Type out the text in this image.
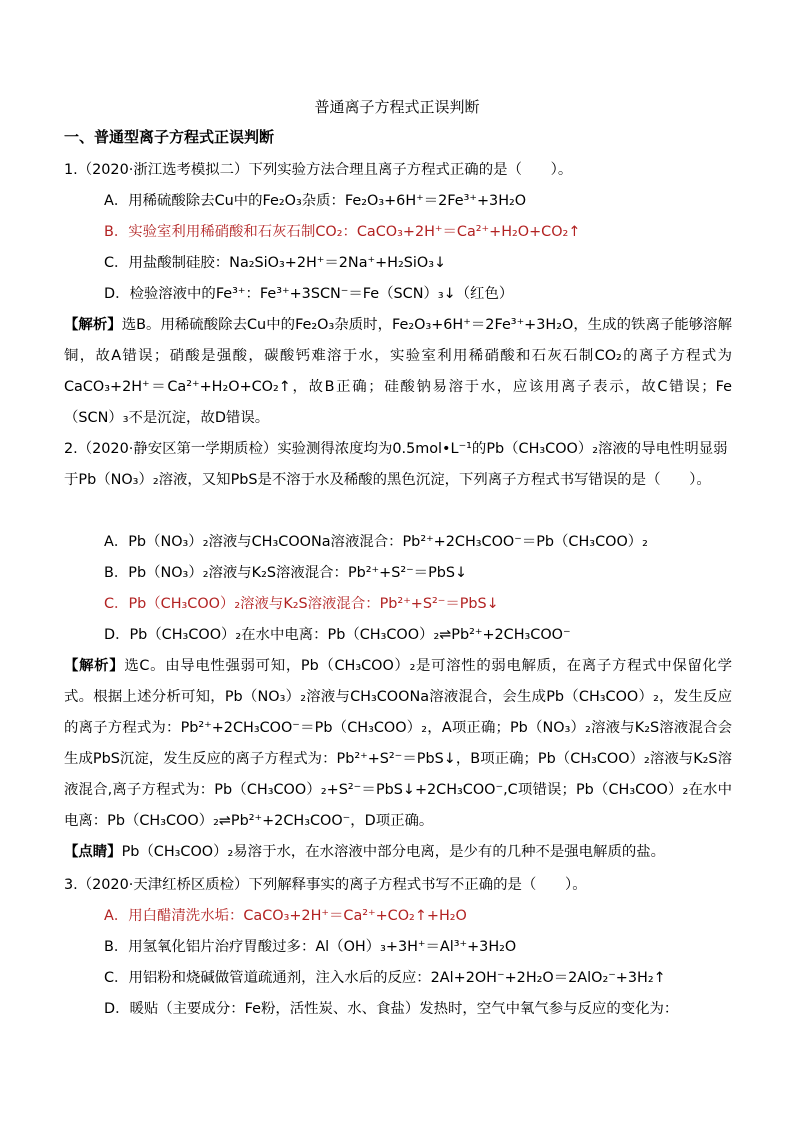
普通离子方程式正误判断
一、普通型离子方程式正误判断
1.（2020·浙江选考模拟二）下列实验方法合理且离子方程式正确的是（　　）。
A．用稀硫酸除去Cu中的Fe₂O₃杂质：Fe₂O₃+6H⁺＝2Fe³⁺+3H₂O
B．实验室利用稀硝酸和石灰石制CO₂：CaCO₃+2H⁺＝Ca²⁺+H₂O+CO₂↑
C．用盐酸制硅胶：Na₂SiO₃+2H⁺＝2Na⁺+H₂SiO₃↓
D．检验溶液中的Fe³⁺：Fe³⁺+3SCN⁻＝Fe（SCN）₃↓（红色）
【解析】选B。用稀硫酸除去Cu中的Fe₂O₃杂质时，Fe₂O₃+6H⁺＝2Fe³⁺+3H₂O，生成的铁离子能够溶解铜，故A错误；硝酸是强酸，碳酸钙难溶于水，实验室利用稀硝酸和石灰石制CO₂的离子方程式为CaCO₃+2H⁺＝Ca²⁺+H₂O+CO₂↑，故B正确；硅酸钠易溶于水，应该用离子表示，故C错误；Fe（SCN）₃不是沉淀，故D错误。
2.（2020·静安区第一学期质检）实验测得浓度均为0.5mol•L⁻¹的Pb（CH₃COO）₂溶液的导电性明显弱于Pb（NO₃）₂溶液，又知PbS是不溶于水及稀酸的黑色沉淀，下列离子方程式书写错误的是（　　）。
A．Pb（NO₃）₂溶液与CH₃COONa溶液混合：Pb²⁺+2CH₃COO⁻＝Pb（CH₃COO）₂
B．Pb（NO₃）₂溶液与K₂S溶液混合：Pb²⁺+S²⁻＝PbS↓
C．Pb（CH₃COO）₂溶液与K₂S溶液混合：Pb²⁺+S²⁻＝PbS↓
D．Pb（CH₃COO）₂在水中电离：Pb（CH₃COO）₂⇌Pb²⁺+2CH₃COO⁻
【解析】选C。由导电性强弱可知，Pb（CH₃COO）₂是可溶性的弱电解质，在离子方程式中保留化学式。根据上述分析可知，Pb（NO₃）₂溶液与CH₃COONa溶液混合，会生成Pb（CH₃COO）₂，发生反应的离子方程式为：Pb²⁺+2CH₃COO⁻＝Pb（CH₃COO）₂，A项正确；Pb（NO₃）₂溶液与K₂S溶液混合会生成PbS沉淀，发生反应的离子方程式为：Pb²⁺+S²⁻＝PbS↓，B项正确；Pb（CH₃COO）₂溶液与K₂S溶液混合,离子方程式为：Pb（CH₃COO）₂+S²⁻＝PbS↓+2CH₃COO⁻,C项错误；Pb（CH₃COO）₂在水中电离：Pb（CH₃COO）₂⇌Pb²⁺+2CH₃COO⁻，D项正确。
【点睛】Pb（CH₃COO）₂易溶于水，在水溶液中部分电离，是少有的几种不是强电解质的盐。
3.（2020·天津红桥区质检）下列解释事实的离子方程式书写不正确的是（　　）。
A．用白醋清洗水垢：CaCO₃+2H⁺＝Ca²⁺+CO₂↑+H₂O
B．用氢氧化铝片治疗胃酸过多：Al（OH）₃+3H⁺＝Al³⁺+3H₂O
C．用铝粉和烧碱做管道疏通剂，注入水后的反应：2Al+2OH⁻+2H₂O＝2AlO₂⁻+3H₂↑
D．暖贴（主要成分：Fe粉，活性炭、水、食盐）发热时，空气中氧气参与反应的变化为：
